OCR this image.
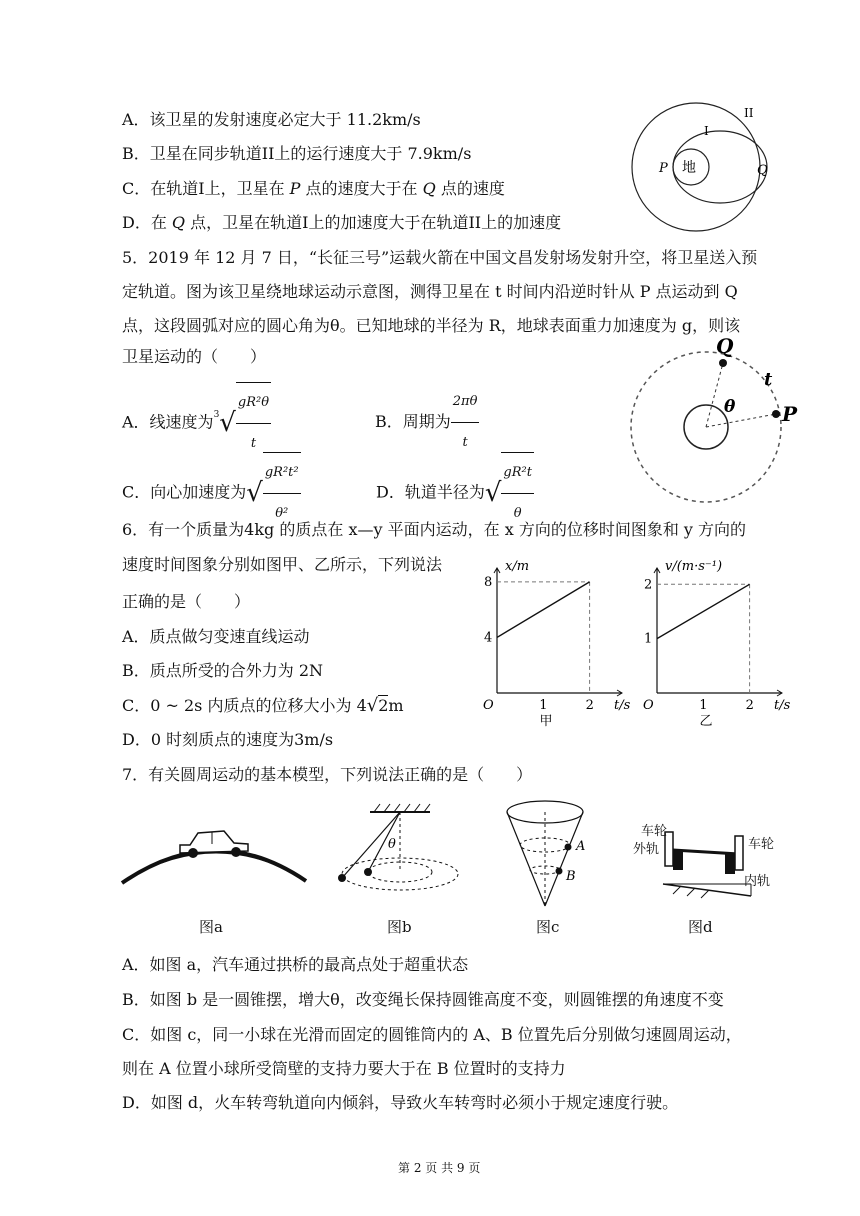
A．该卫星的发射速度必定大于 11.2km/s
B．卫星在同步轨道II上的运行速度大于 7.9km/s
C．在轨道I上，卫星在 P 点的速度大于在 Q 点的速度
D．在 Q 点，卫星在轨道I上的加速度大于在轨道II上的加速度
地
P	Q
I
II
5．2019 年 12 月 7 日，“长征三号”运载火箭在中国文昌发射场发射升空，将卫星送入预
定轨道。图为该卫星绕地球运动示意图，测得卫星在 t 时间内沿逆时针从 P 点运动到 Q
点，这段圆弧对应的圆心角为θ。已知地球的半径为 R，地球表面重力加速度为 g，则该
卫星运动的（　　）
A．线速度为$^3√ \frac{\text{gR²θ}}{t}$	B．周期为 $\frac{2\pi\theta}{t}$
C．向心加速度为√ $\frac{\text{gR²t²}}{\text{θ²}}$	D．轨道半径为√ $\frac{\text{gR²t}}{\theta}$
Q
P
t
θ
6．有一个质量为4kg 的质点在 x—y 平面内运动，在 x 方向的位移时间图象和 y 方向的
速度时间图象分别如图甲、乙所示，下列说法
正确的是（　　）
A．质点做匀变速直线运动
B．质点所受的合外力为 2N
C．0 ~ 2s 内质点的位移大小为 4√2m
D．0 时刻质点的速度为3m/s
O	t/s
x/m
1	2
4
8
甲
O	t/s
v/(m·s⁻¹)
1	2
1
2
乙
7．有关圆周运动的基本模型，下列说法正确的是（　　）
图a
θ
图b
A
B
图c
车轮
外轨	车轮
内轨
图d
A．如图 a，汽车通过拱桥的最高点处于超重状态
B．如图 b 是一圆锥摆，增大θ，改变绳长保持圆锥高度不变，则圆锥摆的角速度不变
C．如图 c，同一小球在光滑而固定的圆锥筒内的 A、B 位置先后分别做匀速圆周运动，
则在 A 位置小球所受筒壁的支持力要大于在 B 位置时的支持力
D．如图 d，火车转弯轨道向内倾斜，导致火车转弯时必须小于规定速度行驶。
第 2 页 共 9 页
